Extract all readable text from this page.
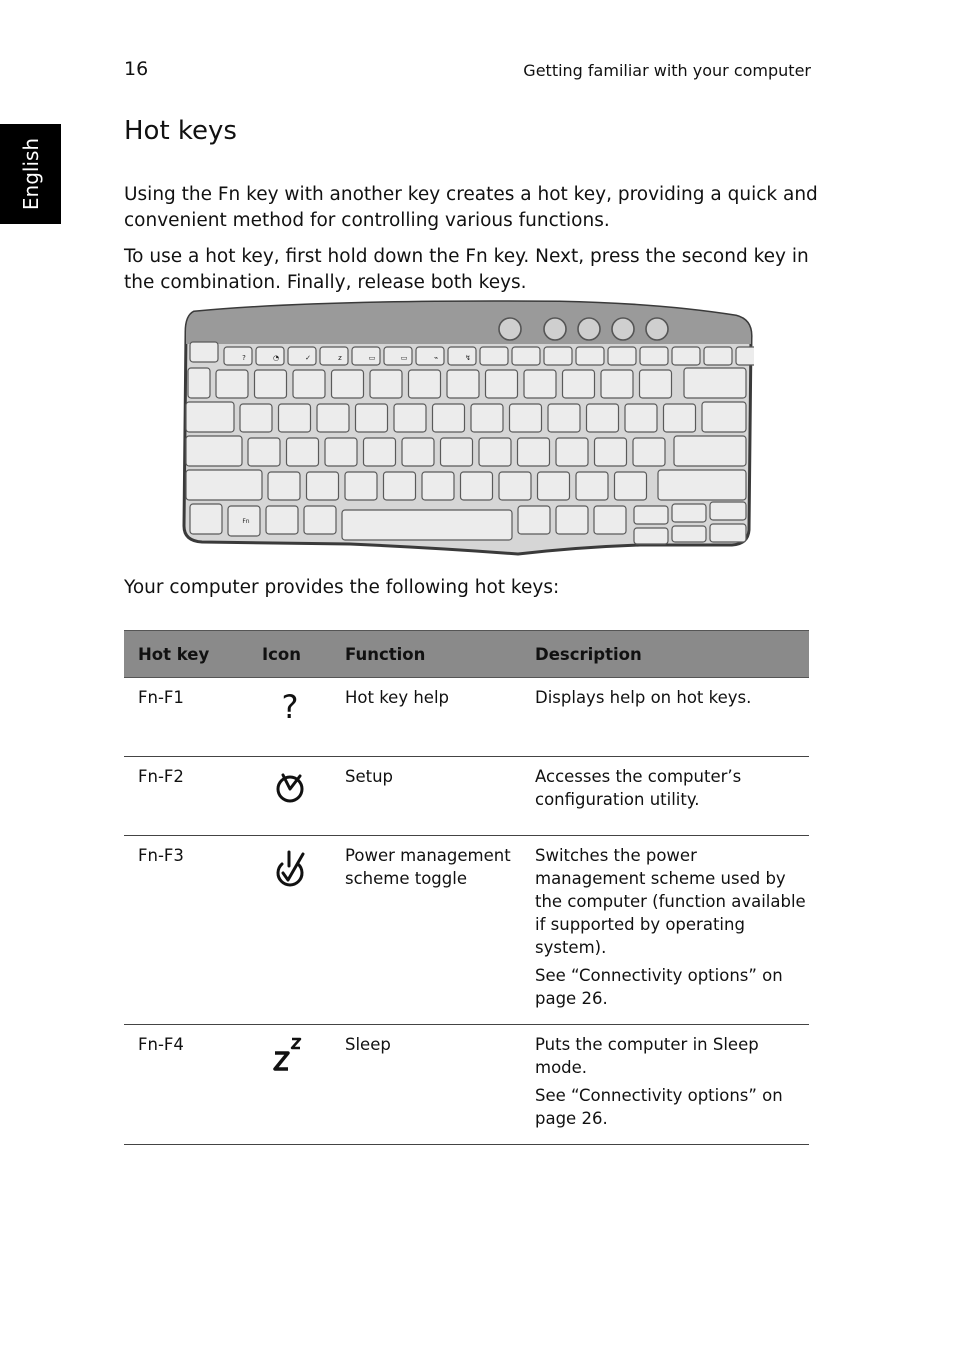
16	Getting familiar with your computer
English
Hot keys

Using the Fn key with another key creates a hot key, providing a quick and convenient method for controlling various functions.

To use a hot key, first hold down the Fn key. Next, press the second key in the combination. Finally, release both keys.

?	◔	✓	z	▭	▭	⌁	↯
Fn

Your computer provides the following hot keys:

Hot key	Icon	Function	Description
Fn-F1	?	Hot key help	Displays help on hot keys.

Fn-F2		Setup	Accesses the computer’s configuration utility.

Fn-F3		Power management scheme toggle	Switches the power management scheme used by the computer (function available if supported by operating system).

See “Connectivity options” on page 26.

Fn-F4		Sleep	Puts the computer in Sleep mode.

See “Connectivity options” on page 26.
